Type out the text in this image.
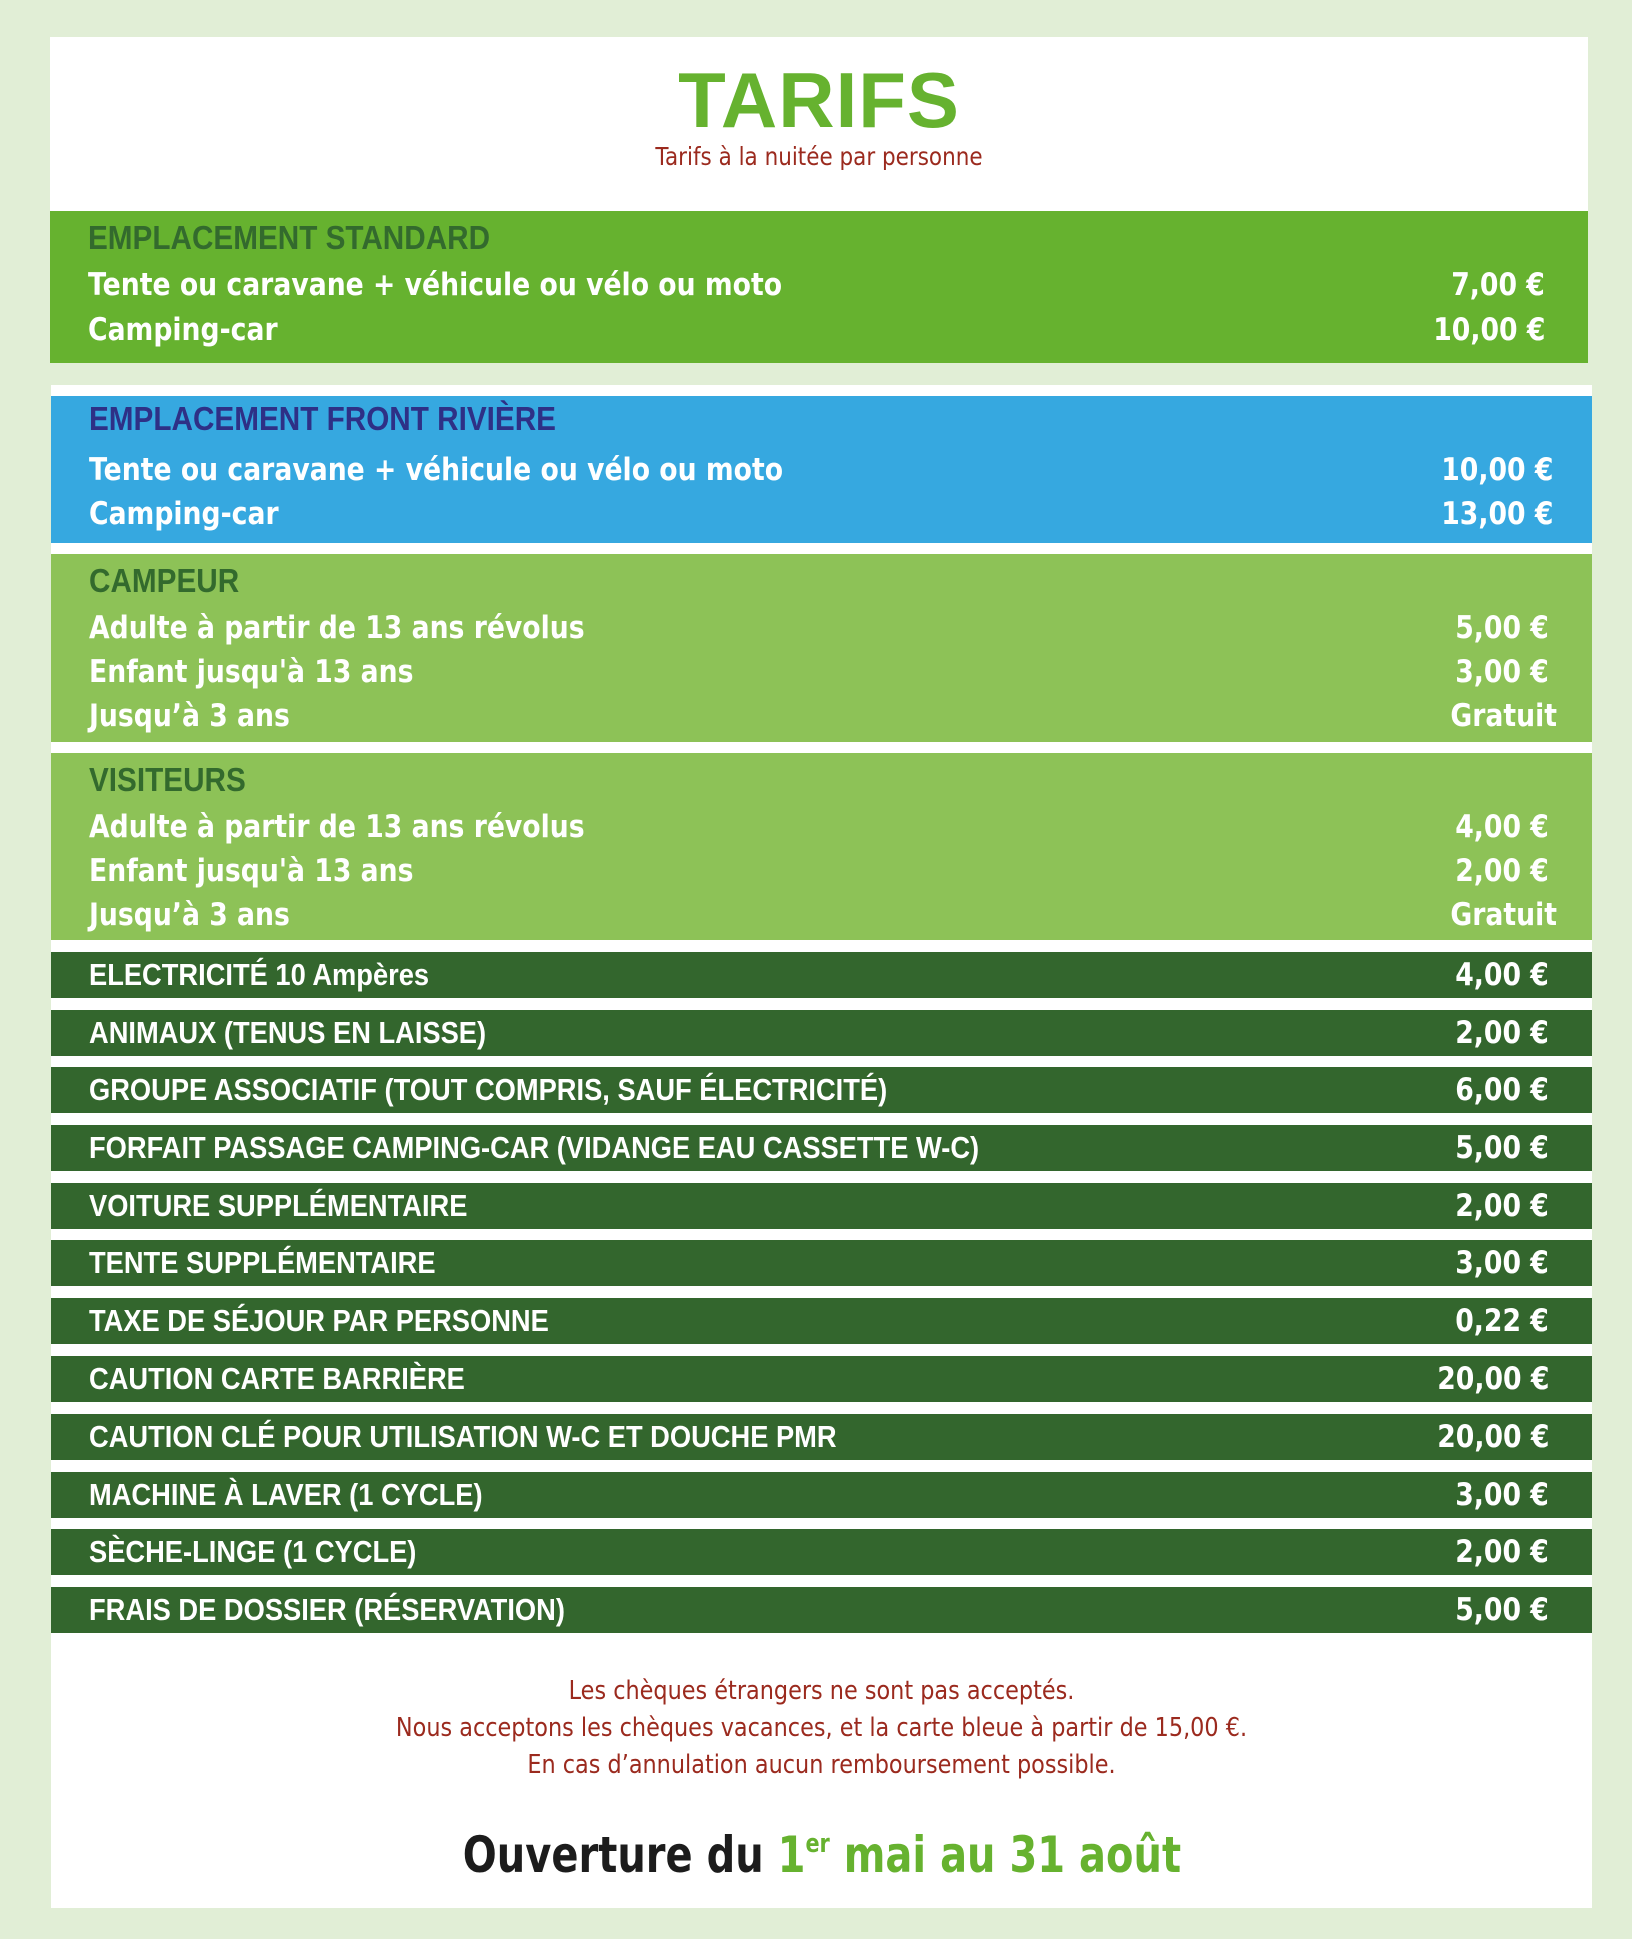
TARIFS
Tarifs à la nuitée par personne
EMPLACEMENT STANDARD
Tente ou caravane + véhicule ou vélo ou moto	7,00 €
Camping-car	10,00 €
EMPLACEMENT FRONT RIVIÈRE
Tente ou caravane + véhicule ou vélo ou moto	10,00 €
Camping-car	13,00 €
CAMPEUR
Adulte à partir de 13 ans révolus	5,00 €
Enfant jusqu'à 13 ans	3,00 €
Jusqu’à 3 ans	Gratuit
VISITEURS
Adulte à partir de 13 ans révolus	4,00 €
Enfant jusqu'à 13 ans	2,00 €
Jusqu’à 3 ans	Gratuit
ELECTRICITÉ 10 Ampères	4,00 €
ANIMAUX (TENUS EN LAISSE)	2,00 €
GROUPE ASSOCIATIF (TOUT COMPRIS, SAUF ÉLECTRICITÉ)	6,00 €
FORFAIT PASSAGE CAMPING-CAR (VIDANGE EAU CASSETTE W-C)	5,00 €
VOITURE SUPPLÉMENTAIRE	2,00 €
TENTE SUPPLÉMENTAIRE	3,00 €
TAXE DE SÉJOUR PAR PERSONNE	0,22 €
CAUTION CARTE BARRIÈRE	20,00 €
CAUTION CLÉ POUR UTILISATION W-C ET DOUCHE PMR	20,00 €
MACHINE À LAVER (1 CYCLE)	3,00 €
SÈCHE-LINGE (1 CYCLE)	2,00 €
FRAIS DE DOSSIER (RÉSERVATION)	5,00 €
Les chèques étrangers ne sont pas acceptés.
Nous acceptons les chèques vacances, et la carte bleue à partir de 15,00 €.
En cas d’annulation aucun remboursement possible.
Ouverture du 1er mai au 31 août
